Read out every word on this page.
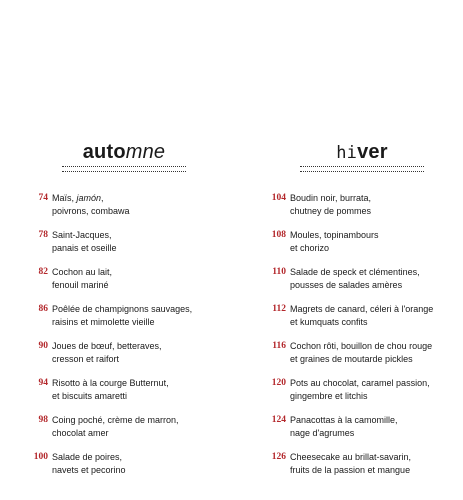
automne
74 Maïs, jamón,
poivrons, combawa
78 Saint-Jacques,
panais et oseille
82 Cochon au lait,
fenouil mariné
86 Poêlée de champignons sauvages,
raisins et mimolette vieille
90 Joues de bœuf, betteraves,
cresson et raifort
94 Risotto à la courge Butternut,
et biscuits amaretti
98 Coing poché, crème de marron,
chocolat amer
100 Salade de poires,
navets et pecorino
hiver
104 Boudin noir, burrata,
chutney de pommes
108 Moules, topinambours
et chorizo
110 Salade de speck et clémentines,
pousses de salades amères
112 Magrets de canard, céleri à l'orange
et kumquats confits
116 Cochon rôti, bouillon de chou rouge
et graines de moutarde pickles
120 Pots au chocolat, caramel passion,
gingembre et litchis
124 Panacottas à la camomille,
nage d'agrumes
126 Cheesecake au brillat-savarin,
fruits de la passion et mangue
